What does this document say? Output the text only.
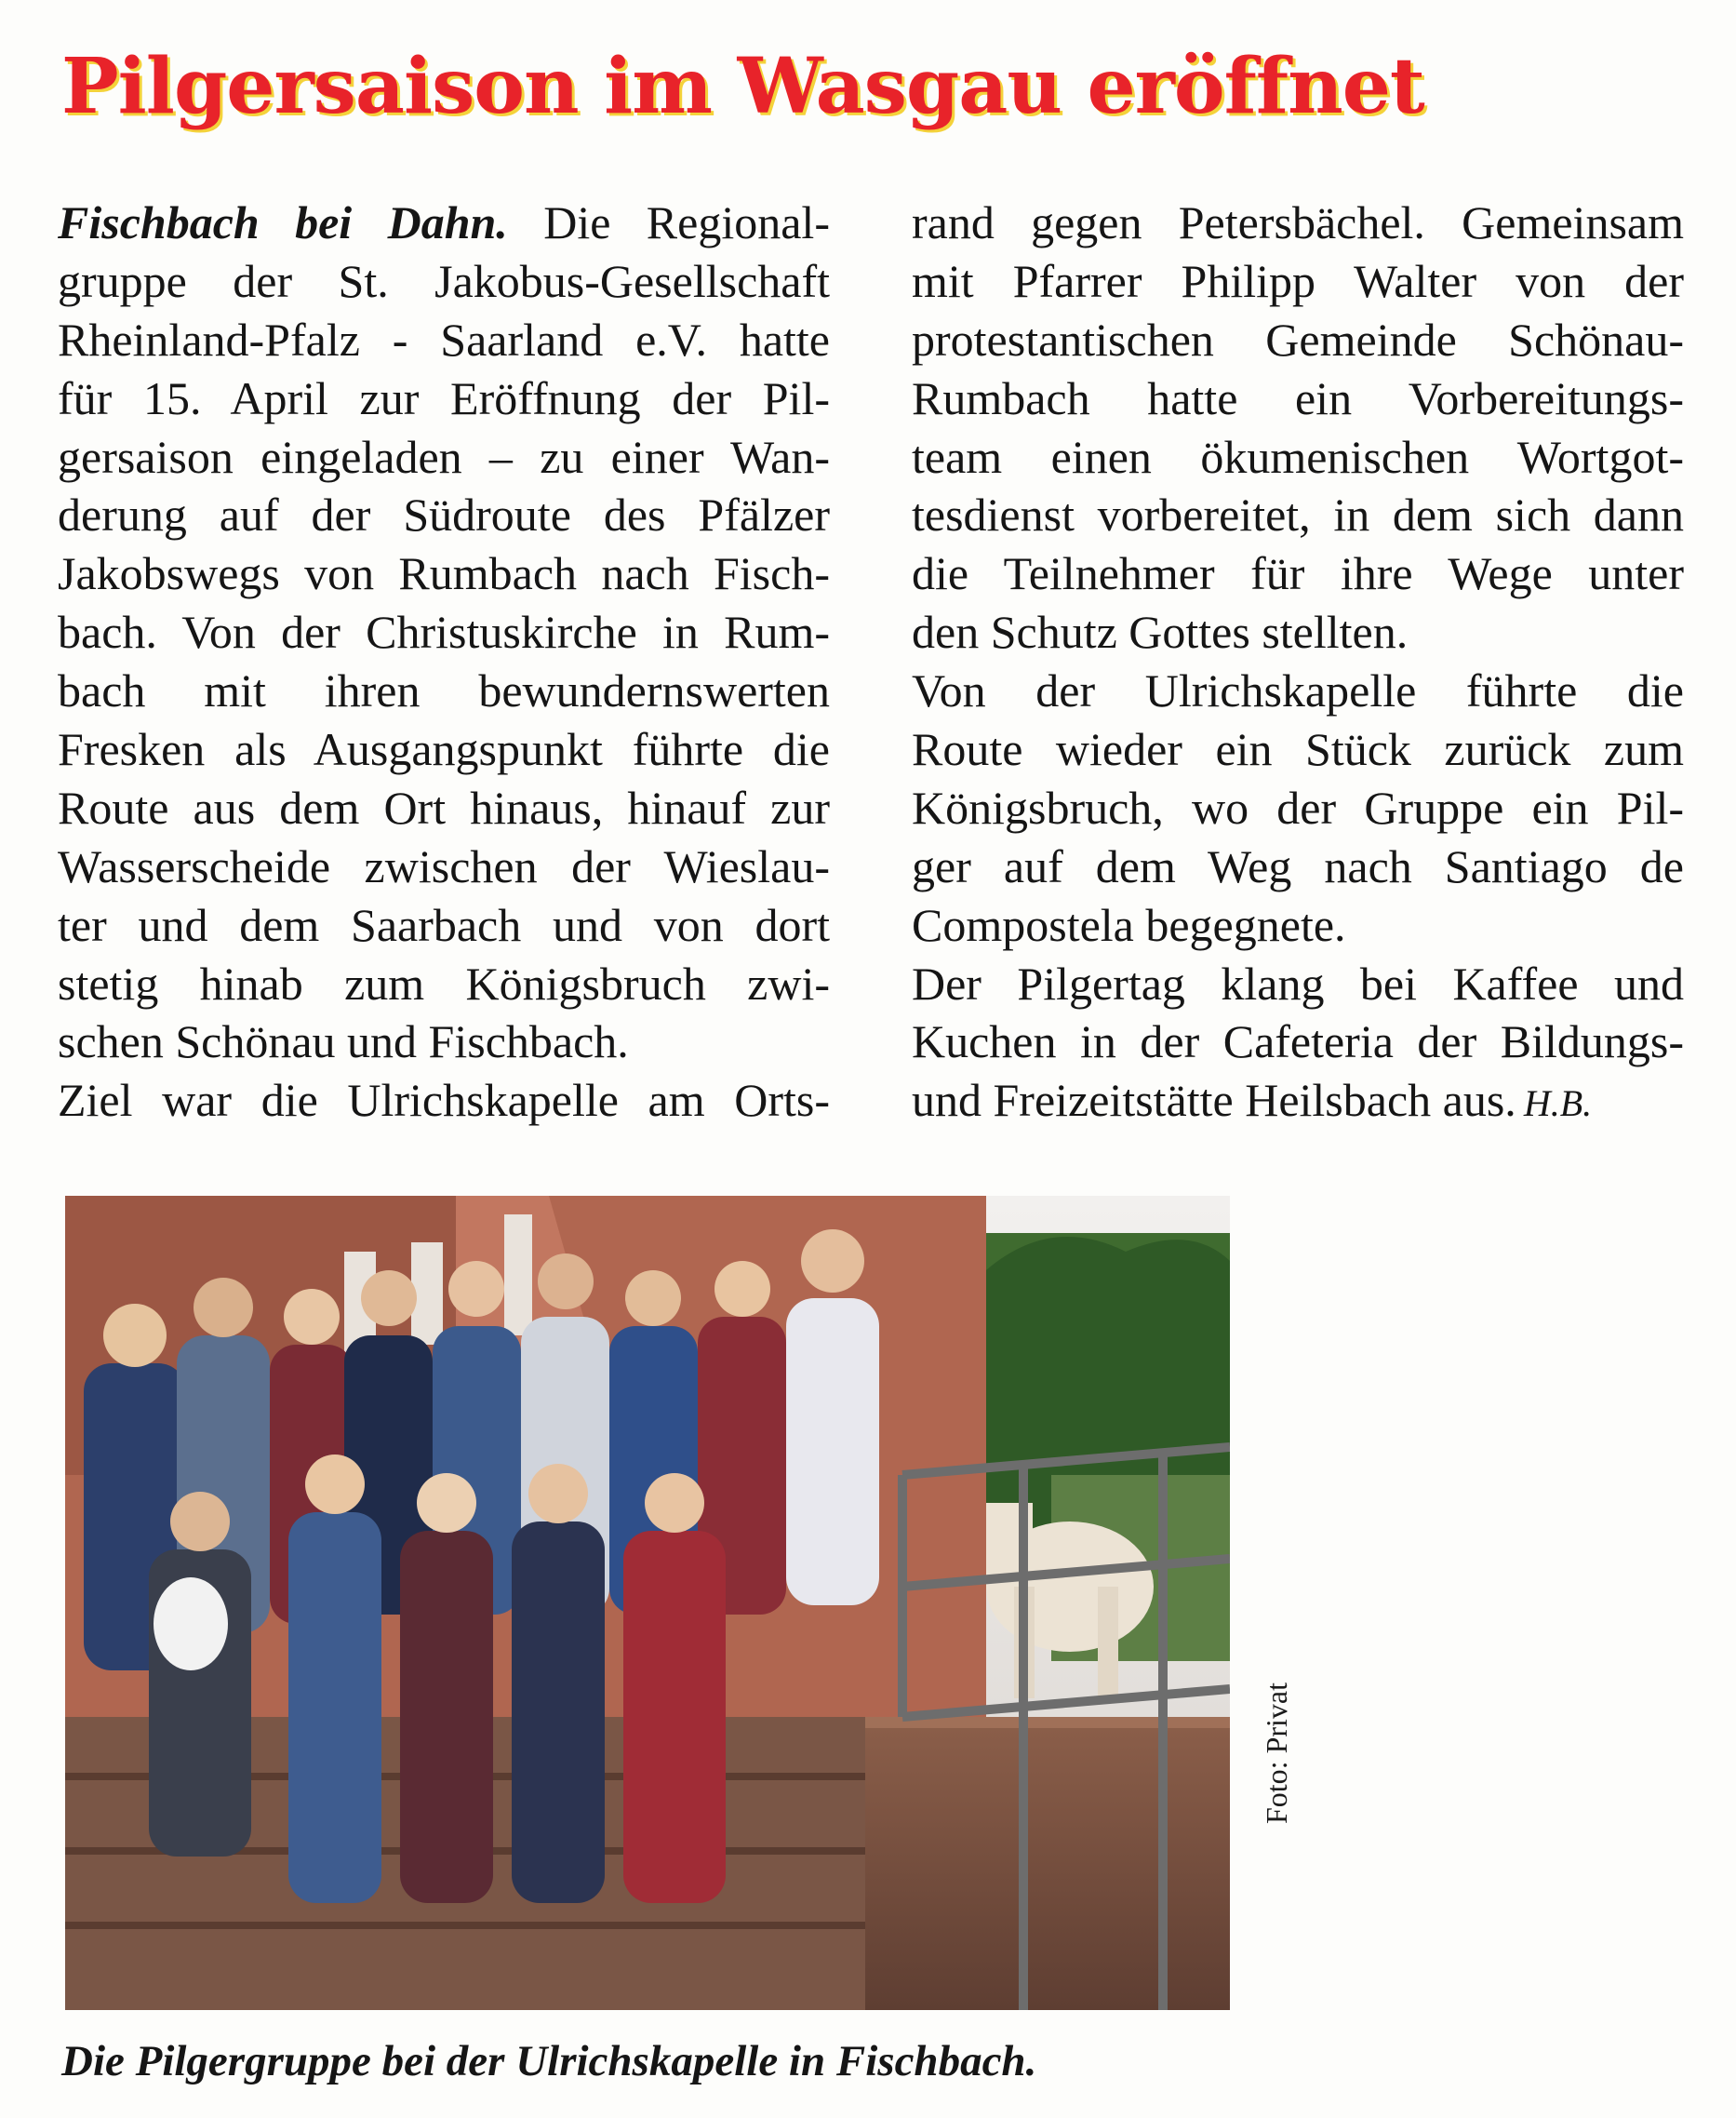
Pilgersaison im Wasgau eröffnet
Fischbach bei Dahn. Die Regional-
gruppe der St. Jakobus-Gesellschaft
Rheinland-Pfalz - Saarland e.V. hatte
für 15. April zur Eröffnung der Pil-
gersaison eingeladen – zu einer Wan-
derung auf der Südroute des Pfälzer
Jakobswegs von Rumbach nach Fisch-
bach. Von der Christuskirche in Rum-
bach mit ihren bewundernswerten
Fresken als Ausgangspunkt führte die
Route aus dem Ort hinaus, hinauf zur
Wasserscheide zwischen der Wieslau-
ter und dem Saarbach und von dort
stetig hinab zum Königsbruch zwi-
schen Schönau und Fischbach.
Ziel war die Ulrichskapelle am Orts-
rand gegen Petersbächel. Gemeinsam
mit Pfarrer Philipp Walter von der
protestantischen Gemeinde Schönau-
Rumbach hatte ein Vorbereitungs-
team einen ökumenischen Wortgot-
tesdienst vorbereitet, in dem sich dann
die Teilnehmer für ihre Wege unter
den Schutz Gottes stellten.
Von der Ulrichskapelle führte die
Route wieder ein Stück zurück zum
Königsbruch, wo der Gruppe ein Pil-
ger auf dem Weg nach Santiago de
Compostela begegnete.
Der Pilgertag klang bei Kaffee und
Kuchen in der Cafeteria der Bildungs-
und Freizeitstätte Heilsbach aus. H.B.
Foto: Privat
Die Pilgergruppe bei der Ulrichskapelle in Fischbach.
